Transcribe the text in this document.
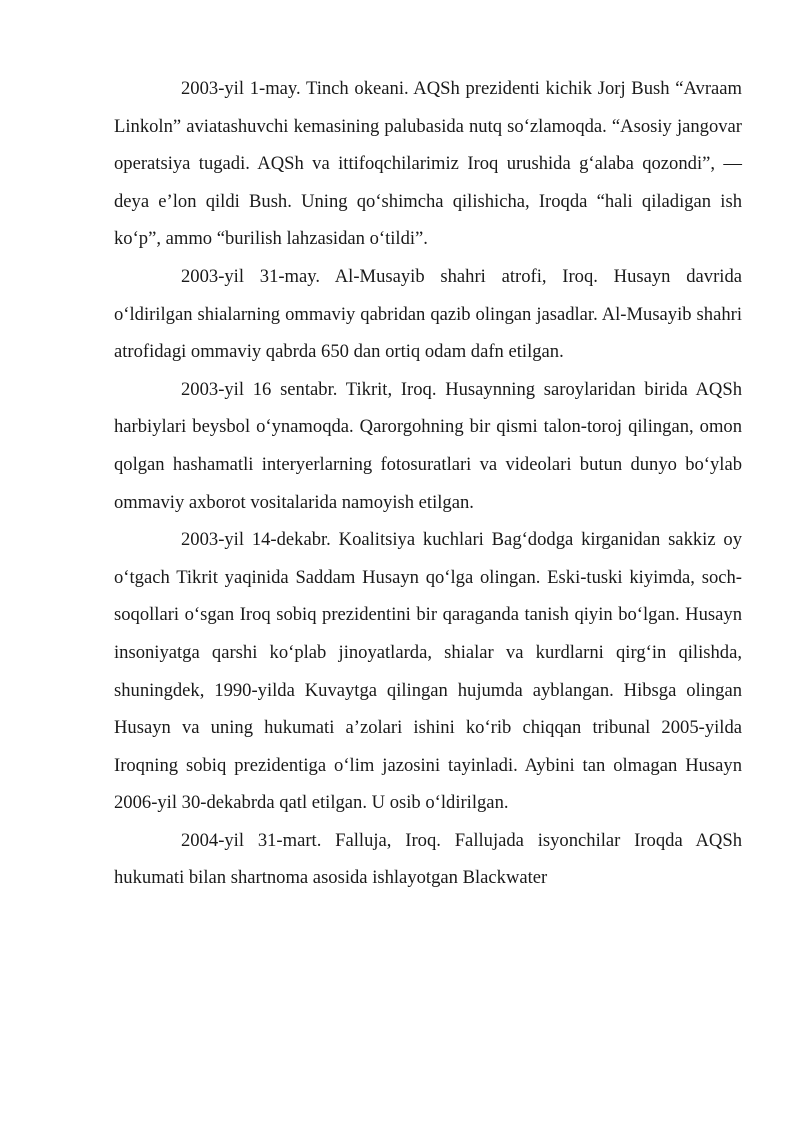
2003-yil 1-may. Tinch okeani. AQSh prezidenti kichik Jorj Bush “Avraam Linkoln” aviatashuvchi kemasining palubasida nutq so‘zlamoqda. “Asosiy jangovar operatsiya tugadi. AQSh va ittifoqchilarimiz Iroq urushida g‘alaba qozondi”, — deya e’lon qildi Bush. Uning qo‘shimcha qilishicha, Iroqda “hali qiladigan ish ko‘p”, ammo “burilish lahzasidan o‘tildi”.

2003-yil 31-may. Al-Musayib shahri atrofi, Iroq. Husayn davrida o‘ldirilgan shialarning ommaviy qabridan qazib olingan jasadlar. Al-Musayib shahri atrofidagi ommaviy qabrda 650 dan ortiq odam dafn etilgan.

2003-yil 16 sentabr. Tikrit, Iroq. Husaynning saroylaridan birida AQSh harbiylari beysbol o‘ynamoqda. Qarorgohning bir qismi talon-toroj qilingan, omon qolgan hashamatli interyerlarning fotosuratlari va videolari butun dunyo bo‘ylab ommaviy axborot vositalarida namoyish etilgan.

2003-yil 14-dekabr. Koalitsiya kuchlari Bag‘dodga kirganidan sakkiz oy o‘tgach Tikrit yaqinida Saddam Husayn qo‘lga olingan. Eski-tuski kiyimda, soch-soqollari o‘sgan Iroq sobiq prezidentini bir qaraganda tanish qiyin bo‘lgan. Husayn insoniyatga qarshi ko‘plab jinoyatlarda, shialar va kurdlarni qirg‘in qilishda, shuningdek, 1990-yilda Kuvaytga qilingan hujumda ayblangan. Hibsga olingan Husayn va uning hukumati a’zolari ishini ko‘rib chiqqan tribunal 2005-yilda Iroqning sobiq prezidentiga o‘lim jazosini tayinladi. Aybini tan olmagan Husayn 2006-yil 30-dekabrda qatl etilgan. U osib o‘ldirilgan.

2004-yil 31-mart. Falluja, Iroq. Fallujada isyonchilar Iroqda AQSh hukumati bilan shartnoma asosida ishlayotgan Blackwater
